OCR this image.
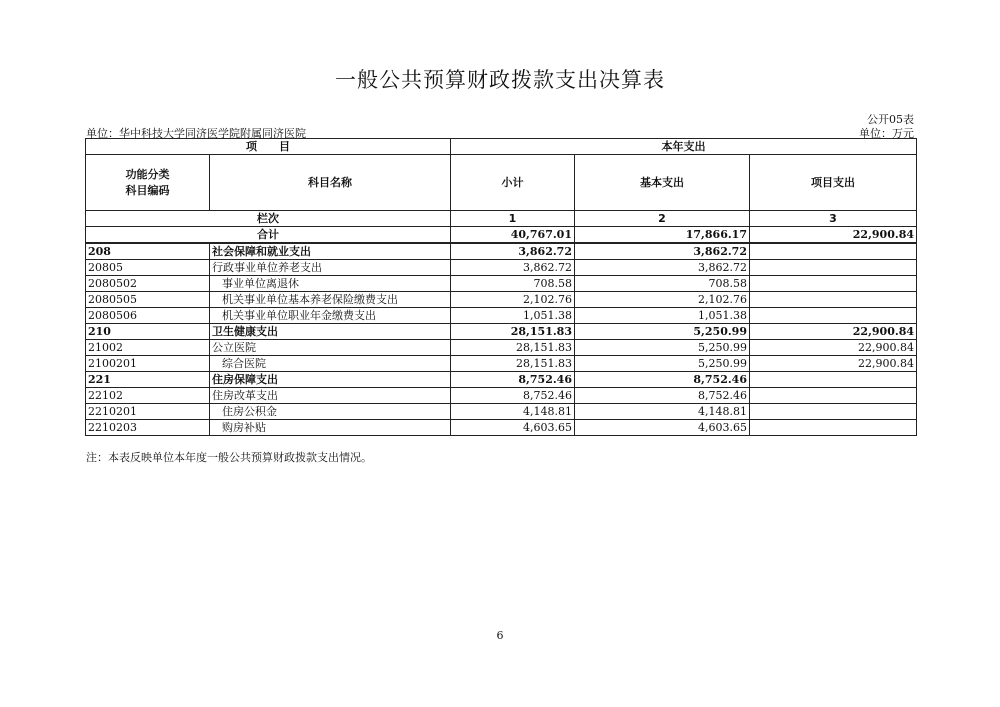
一般公共预算财政拨款支出决算表
公开05表
单位：华中科技大学同济医学院附属同济医院	单位：万元
项　　目		本年支出		
功能分类
科目编码	科目名称	小计	基本支出	项目支出
栏次		1	2	3
合计		40,767.01	17,866.17	22,900.84
208	社会保障和就业支出	3,862.72	3,862.72	
20805	行政事业单位养老支出	3,862.72	3,862.72	
2080502	事业单位离退休	708.58	708.58	
2080505	机关事业单位基本养老保险缴费支出	2,102.76	2,102.76	
2080506	机关事业单位职业年金缴费支出	1,051.38	1,051.38	
210	卫生健康支出	28,151.83	5,250.99	22,900.84
21002	公立医院	28,151.83	5,250.99	22,900.84
2100201	综合医院	28,151.83	5,250.99	22,900.84
221	住房保障支出	8,752.46	8,752.46	
22102	住房改革支出	8,752.46	8,752.46	
2210201	住房公积金	4,148.81	4,148.81	
2210203	购房补贴	4,603.65	4,603.65	
注：本表反映单位本年度一般公共预算财政拨款支出情况。
6
